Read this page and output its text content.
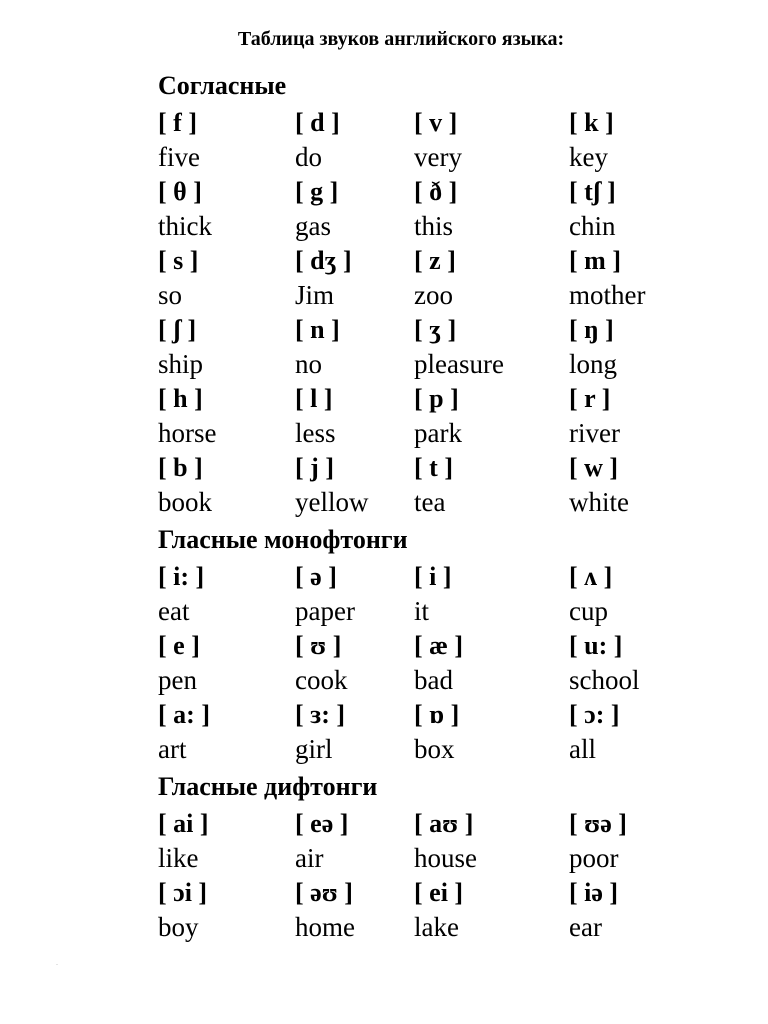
Таблица звуков английского языка:
Согласные
[ f ]
five
[ d ]
do
[ v ]
very
[ k ]
key
[ θ ]
thick
[ g ]
gas
[ ð ]
this
[ tʃ ]
chin
[ s ]
so
[ dʒ ]
Jim
[ z ]
zoo
[ m ]
mother
[ ʃ ]
ship
[ n ]
no
[ ʒ ]
pleasure
[ ŋ ]
long
[ h ]
horse
[ l ]
less
[ p ]
park
[ r ]
river
[ b ]
book
[ j ]
yellow
[ t ]
tea
[ w ]
white
Гласные монофтонги
[ i: ]
eat
[ ə ]
paper
[ i ]
it
[ ʌ ]
cup
[ e ]
pen
[ ʊ ]
cook
[ æ ]
bad
[ u: ]
school
[ a: ]
art
[ ɜ: ]
girl
[ ɒ ]
box
[ ɔ: ]
all
Гласные дифтонги
[ ai ]
like
[ eə ]
air
[ aʊ ]
house
[ ʊə ]
poor
[ ɔi ]
boy
[ əʊ ]
home
[ ei ]
lake
[ iə ]
ear
.
